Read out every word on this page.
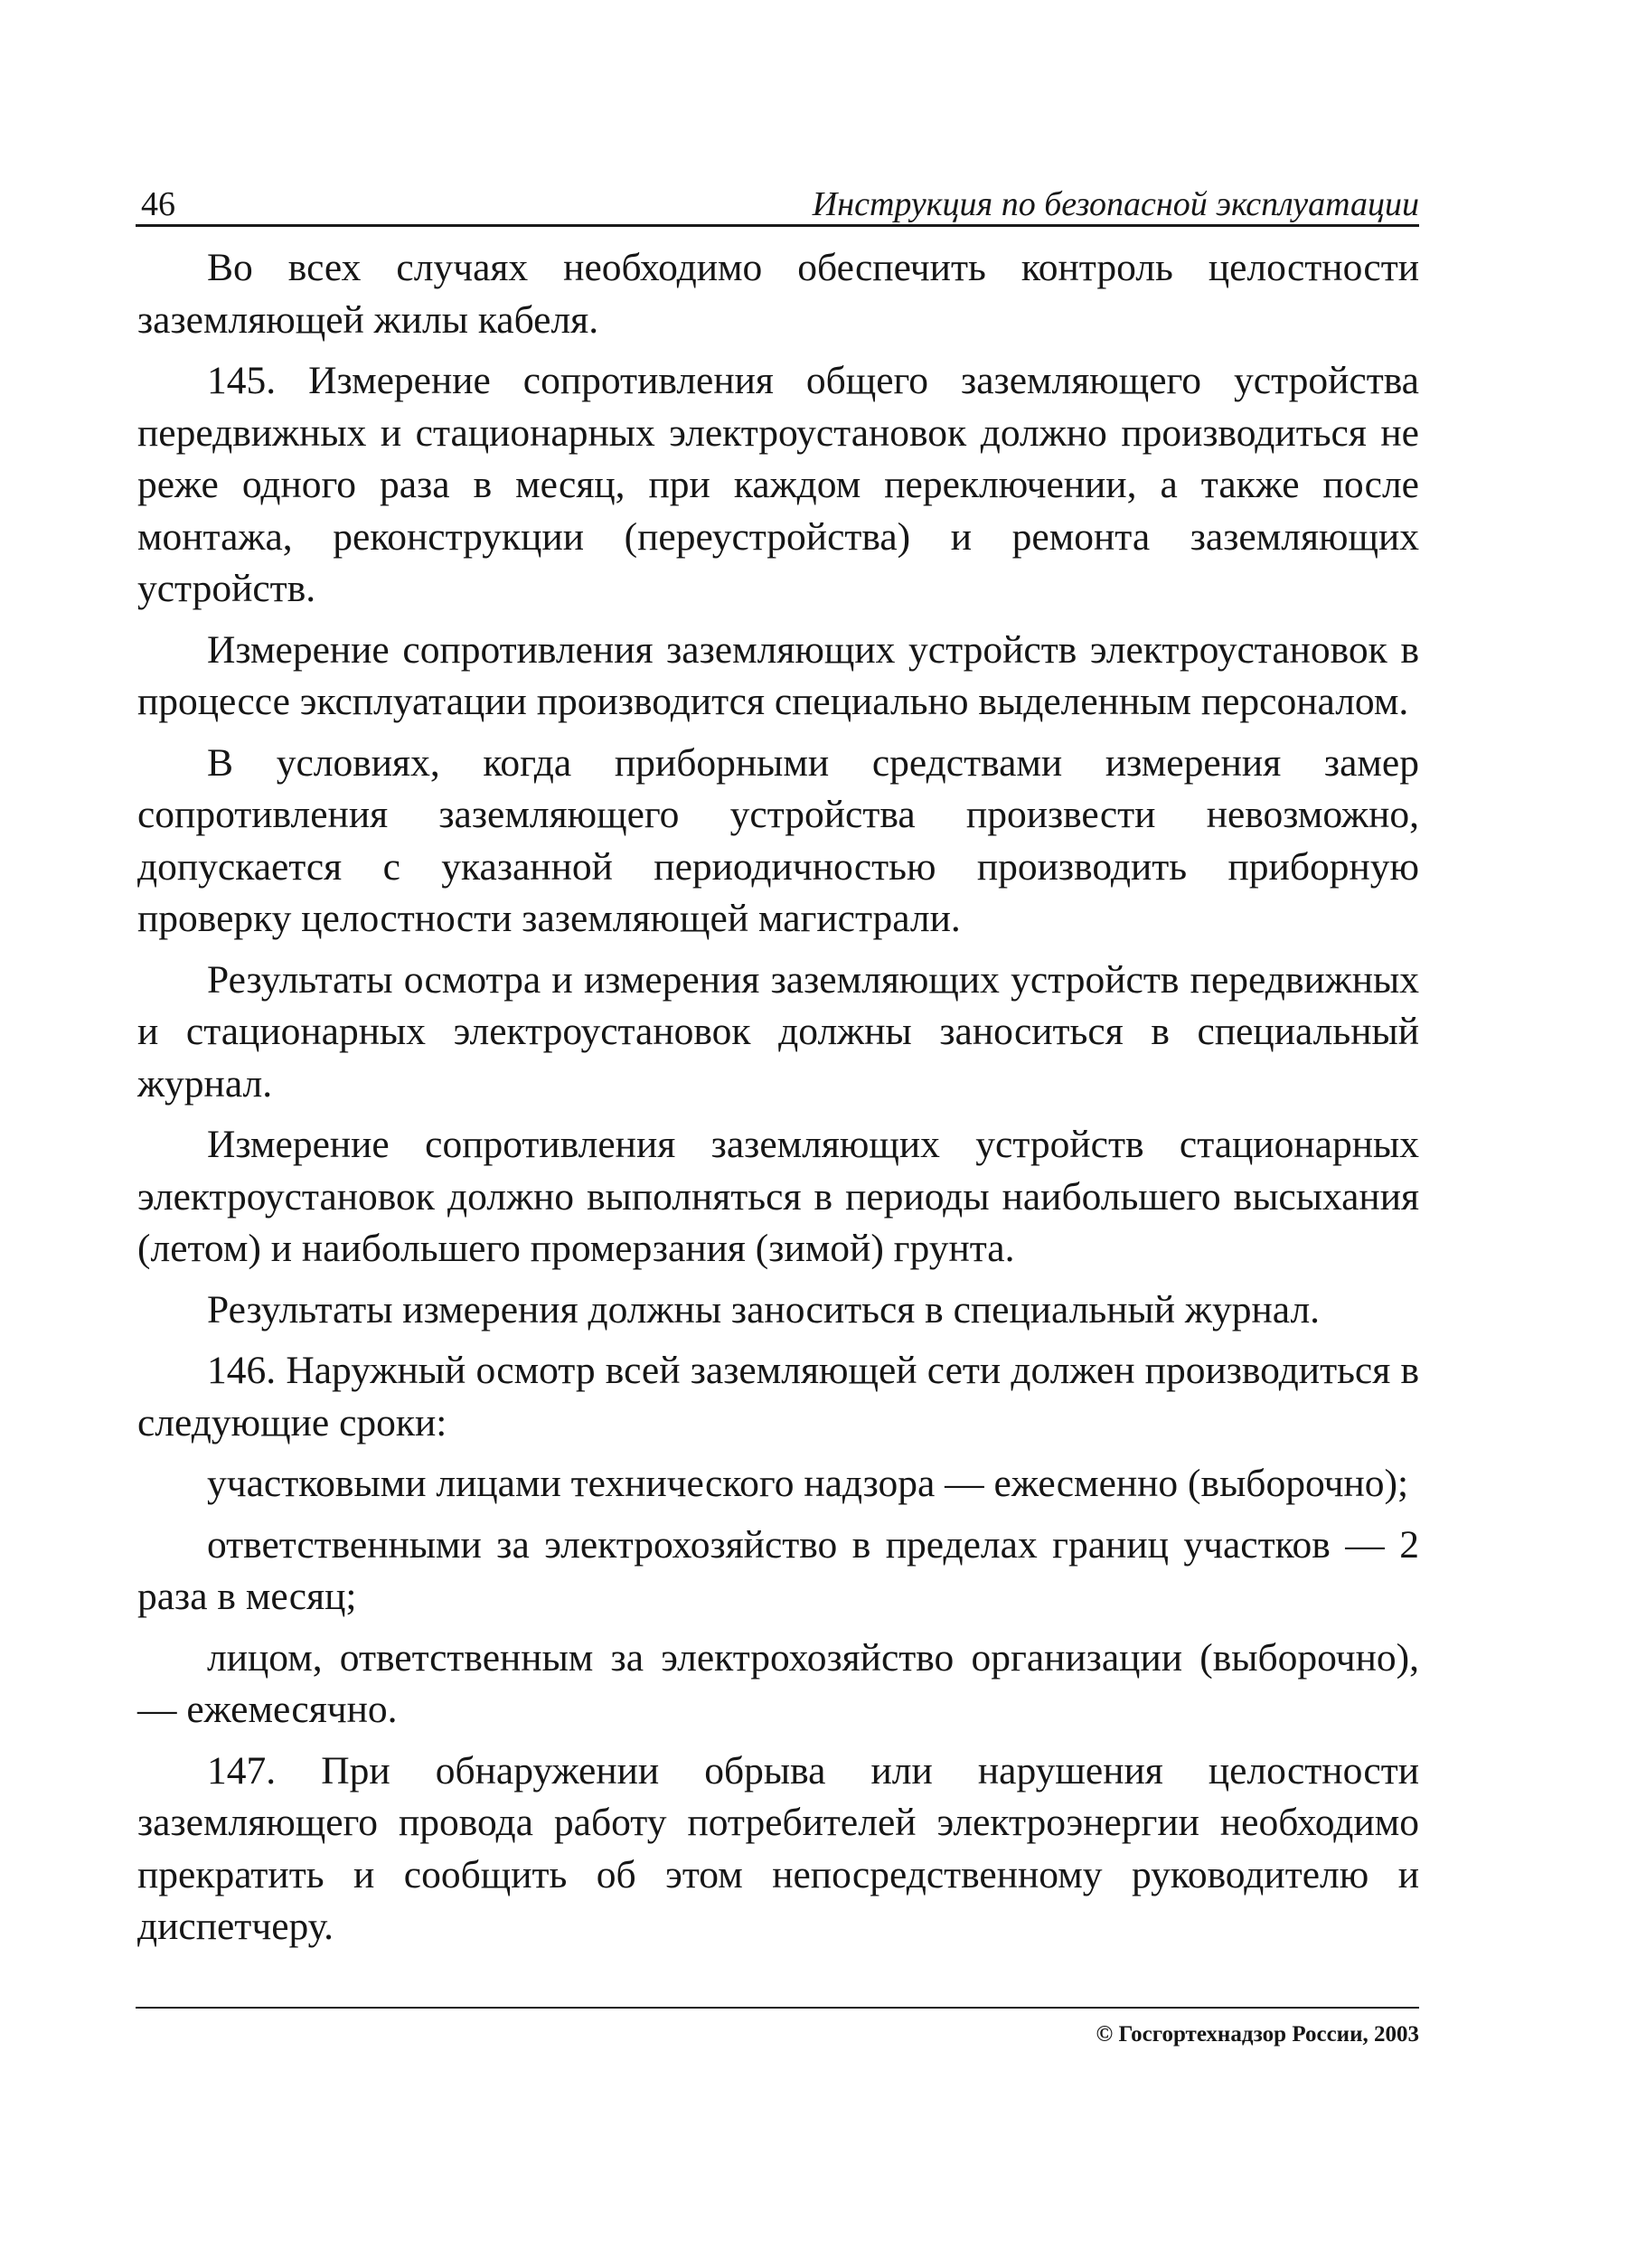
46	Инструкция по безопасной эксплуатации

Во всех случаях необходимо обеспечить контроль целостности заземляющей жилы кабеля.

145. Измерение сопротивления общего заземляющего устройства передвижных и стационарных электроустановок должно производиться не реже одного раза в месяц, при каждом переключении, а также после монтажа, реконструкции (переустройства) и ремонта заземляющих устройств.

Измерение сопротивления заземляющих устройств электроустановок в процессе эксплуатации производится специально выделенным персоналом.

В условиях, когда приборными средствами измерения замер сопротивления заземляющего устройства произвести невозможно, допускается с указанной периодичностью производить приборную проверку целостности заземляющей магистрали.

Результаты осмотра и измерения заземляющих устройств передвижных и стационарных электроустановок должны заноситься в специальный журнал.

Измерение сопротивления заземляющих устройств стационарных электроустановок должно выполняться в периоды наибольшего высыхания (летом) и наибольшего промерзания (зимой) грунта.

Результаты измерения должны заноситься в специальный журнал.

146. Наружный осмотр всей заземляющей сети должен производиться в следующие сроки:

участковыми лицами технического надзора — ежесменно (выборочно);

ответственными за электрохозяйство в пределах границ участков — 2 раза в месяц;

лицом, ответственным за электрохозяйство организации (выборочно), — ежемесячно.

147. При обнаружении обрыва или нарушения целостности заземляющего провода работу потребителей электроэнергии необходимо прекратить и сообщить об этом непосредственному руководителю и диспетчеру.

© Госгортехнадзор России, 2003
